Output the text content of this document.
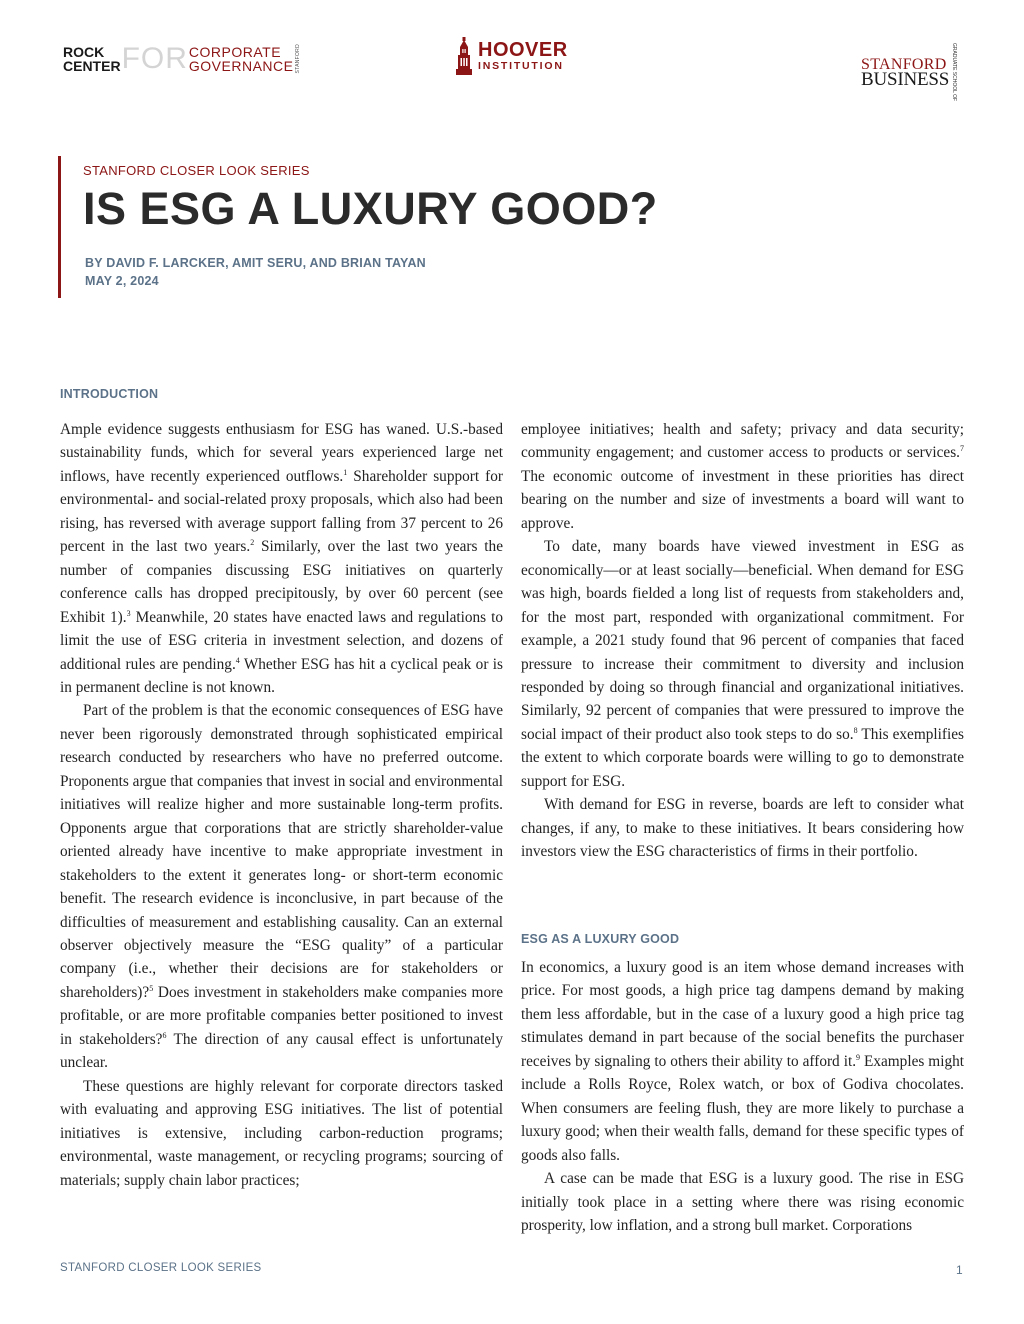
ROCK
CENTER FOR CORPORATE
GOVERNANCE STANFORD	HOOVER
INSTITUTION	STANFORD
BUSINESS GRADUATE SCHOOL OF
STANFORD CLOSER LOOK SERIES
IS ESG A LUXURY GOOD?
BY DAVID F. LARCKER, AMIT SERU, AND BRIAN TAYAN
MAY 2, 2024
INTRODUCTION

Ample evidence suggests enthusiasm for ESG has waned. U.S.-based sustainability funds, which for several years experienced large net inflows, have recently experienced outflows.$^1$ Shareholder support for environmental- and social-related proxy proposals, which also had been rising, has reversed with average support falling from 37 percent to 26 percent in the last two years.$^2$ Similarly, over the last two years the number of companies discussing ESG initiatives on quarterly conference calls has dropped precipitously, by over 60 percent (see Exhibit 1).$^3$ Meanwhile, 20 states have enacted laws and regulations to limit the use of ESG criteria in investment selection, and dozens of additional rules are pending.$^4$ Whether ESG has hit a cyclical peak or is in permanent decline is not known.

Part of the problem is that the economic consequences of ESG have never been rigorously demonstrated through sophisticated empirical research conducted by researchers who have no preferred outcome. Proponents argue that companies that invest in social and environmental initiatives will realize higher and more sustainable long-term profits. Opponents argue that corporations that are strictly shareholder-value oriented already have incentive to make appropriate investment in stakeholders to the extent it generates long- or short-term economic benefit. The research evidence is inconclusive, in part because of the difficulties of measurement and establishing causality. Can an external observer objectively measure the “ESG quality” of a particular company (i.e., whether their decisions are for stakeholders or shareholders)?$^5$ Does investment in stakeholders make companies more profitable, or are more profitable companies better positioned to invest in stakeholders?$^6$ The direction of any causal effect is unfortunately unclear.

These questions are highly relevant for corporate directors tasked with evaluating and approving ESG initiatives. The list of potential initiatives is extensive, including carbon-reduction programs; environmental, waste management, or recycling programs; sourcing of materials; supply chain labor practices;

employee initiatives; health and safety; privacy and data security; community engagement; and customer access to products or services.$^7$ The economic outcome of investment in these priorities has direct bearing on the number and size of investments a board will want to approve.

To date, many boards have viewed investment in ESG as economically—or at least socially—beneficial. When demand for ESG was high, boards fielded a long list of requests from stakeholders and, for the most part, responded with organizational commitment. For example, a 2021 study found that 96 percent of companies that faced pressure to increase their commitment to diversity and inclusion responded by doing so through financial and organizational initiatives. Similarly, 92 percent of companies that were pressured to improve the social impact of their product also took steps to do so.$^8$ This exemplifies the extent to which corporate boards were willing to go to demonstrate support for ESG.

With demand for ESG in reverse, boards are left to consider what changes, if any, to make to these initiatives. It bears considering how investors view the ESG characteristics of firms in their portfolio.

ESG AS A LUXURY GOOD

In economics, a luxury good is an item whose demand increases with price. For most goods, a high price tag dampens demand by making them less affordable, but in the case of a luxury good a high price tag stimulates demand in part because of the social benefits the purchaser receives by signaling to others their ability to afford it.$^9$ Examples might include a Rolls Royce, Rolex watch, or box of Godiva chocolates. When consumers are feeling flush, they are more likely to purchase a luxury good; when their wealth falls, demand for these specific types of goods also falls.

A case can be made that ESG is a luxury good. The rise in ESG initially took place in a setting where there was rising economic prosperity, low inflation, and a strong bull market. Corporations

STANFORD CLOSER LOOK SERIES	1
